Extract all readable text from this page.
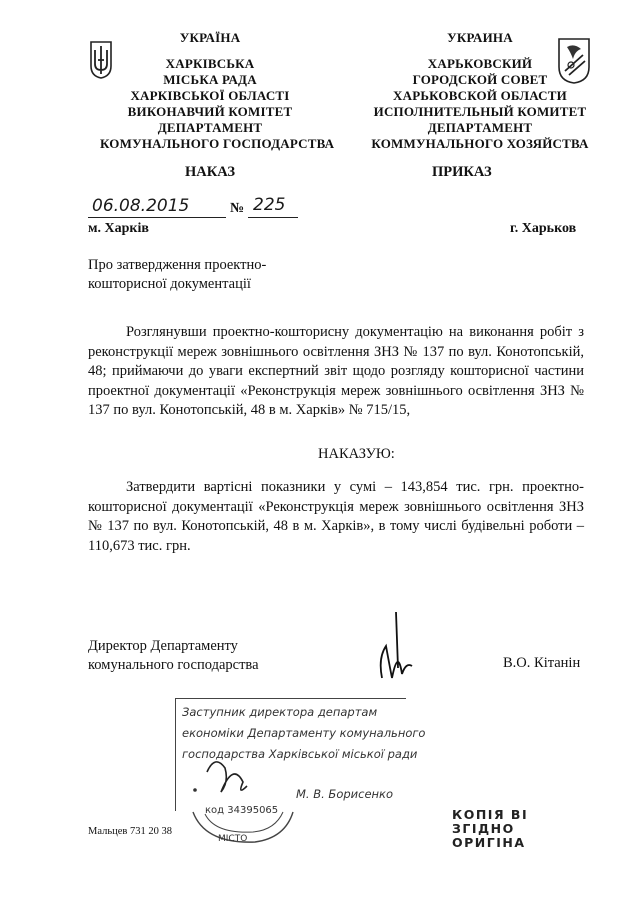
УКРАЇНА
ХАРКІВСЬКА
МІСЬКА РАДА
ХАРКІВСЬКОЇ ОБЛАСТІ
ВИКОНАВЧИЙ КОМІТЕТ
ДЕПАРТАМЕНТ
КОМУНАЛЬНОГО ГОСПОДАРСТВА
УКРАИНА
ХАРЬКОВСКИЙ
ГОРОДСКОЙ СОВЕТ
ХАРЬКОВСКОЙ ОБЛАСТИ
ИСПОЛНИТЕЛЬНЫЙ КОМИТЕТ
ДЕПАРТАМЕНТ
КОММУНАЛЬНОГО ХОЗЯЙСТВА
НАКАЗ	ПРИКАЗ
06.08.2015	№ 225
м. Харків	г. Харьков
Про затвердження проектно-
кошторисної документації
Розглянувши проектно-кошторисну документацію на виконання робіт з реконструкції мереж зовнішнього освітлення ЗНЗ № 137 по вул. Конотопській, 48; приймаючи до уваги експертний звіт щодо розгляду кошторисної частини проектної документації «Реконструкція мереж зовнішнього освітлення ЗНЗ № 137 по вул. Конотопській, 48 в м. Харків» № 715/15,
НАКАЗУЮ:
Затвердити вартісні показники у сумі – 143,854 тис. грн. проектно-кошторисної документації «Реконструкція мереж зовнішнього освітлення ЗНЗ № 137 по вул. Конотопській, 48 в м. Харків», в тому числі будівельні роботи – 110,673 тис. грн.
Директор Департаменту
комунального господарства	В.О. Кітанін
Заступник директора департам
економіки Департаменту комунального
господарства Харківської міської ради
М. В. Борисенко
код 34395065
МІСТО
КОПІЯ ВІ
ЗГІДНО
ОРИГІНА
Мальцев 731 20 38
